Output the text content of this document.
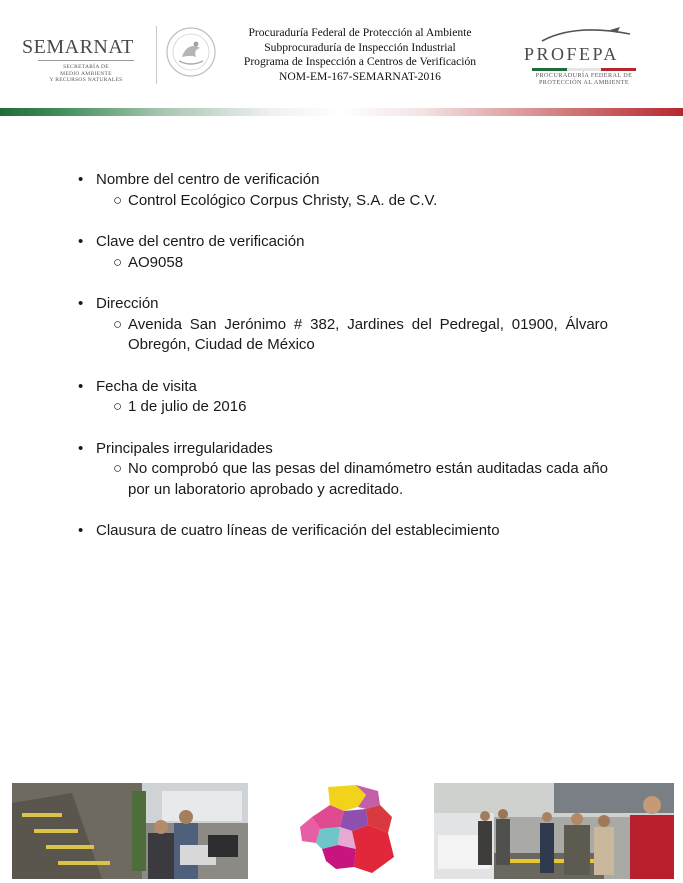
SEMARNAT
SECRETARÍA DE
MEDIO AMBIENTE
Y RECURSOS NATURALES
Procuraduría Federal de Protección al Ambiente
Subprocuraduría de Inspección Industrial
Programa de Inspección a Centros de Verificación
NOM-EM-167-SEMARNAT-2016
PROFEPA
PROCURADURÍA FEDERAL DE
PROTECCIÓN AL AMBIENTE
• Nombre del centro de verificación
○ Control Ecológico Corpus Christy, S.A. de C.V.
• Clave del centro de verificación
○ AO9058
• Dirección
○ Avenida San Jerónimo # 382, Jardines del Pedregal, 01900, Álvaro Obregón, Ciudad de México
• Fecha de visita
○ 1 de julio de 2016
• Principales irregularidades
○ No comprobó que las pesas del dinamómetro están auditadas cada año por un laboratorio aprobado y acreditado.
• Clausura de cuatro líneas de verificación del establecimiento
